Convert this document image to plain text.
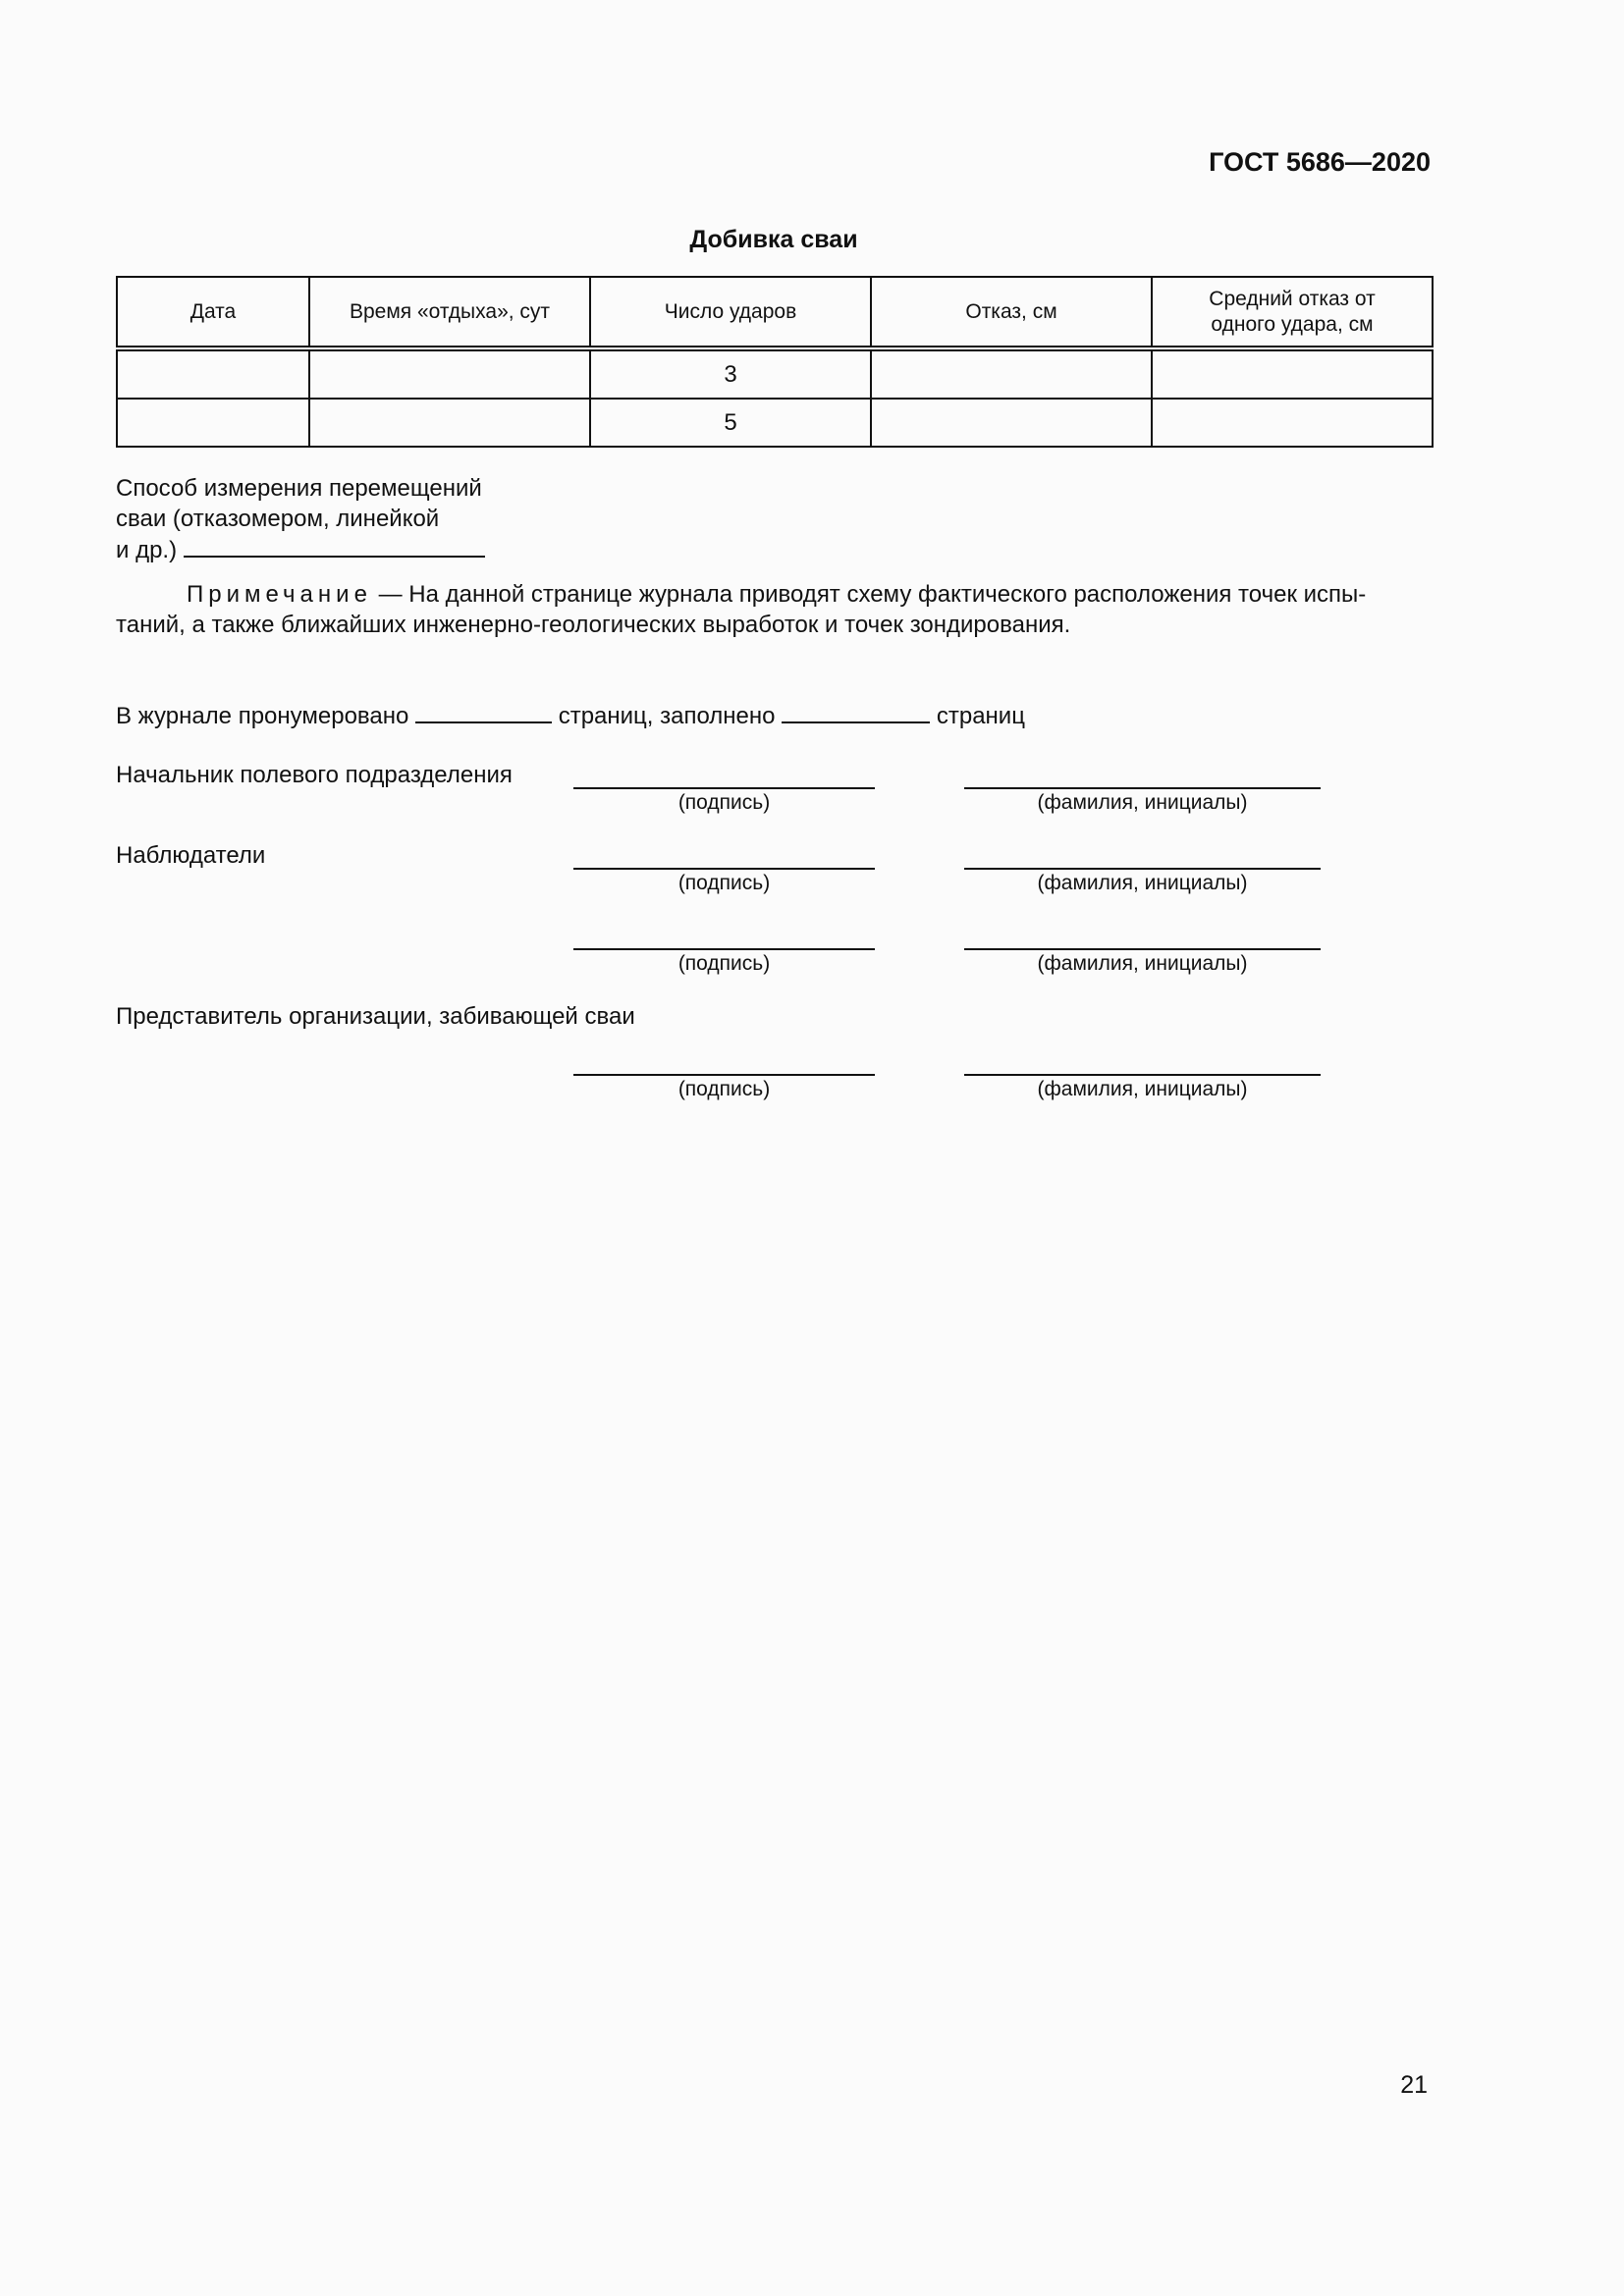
ГОСТ 5686—2020
Добивка сваи
Дата	Время «отдыха», сут	Число ударов	Отказ, см	Средний отказ от одного удара, см
		3		
		5		
Способ измерения перемещений
сваи (отказомером, линейкой
и др.)
Примечание — На данной странице журнала приводят схему фактического расположения точек испы-
таний, а также ближайших инженерно-геологических выработок и точек зондирования.
В журнале пронумеровано	страниц, заполнено	страниц
Начальник полевого подразделения
(подпись)	(фамилия, инициалы)
Наблюдатели
(подпись)	(фамилия, инициалы)
(подпись)	(фамилия, инициалы)
Представитель организации, забивающей сваи
(подпись)	(фамилия, инициалы)
21
